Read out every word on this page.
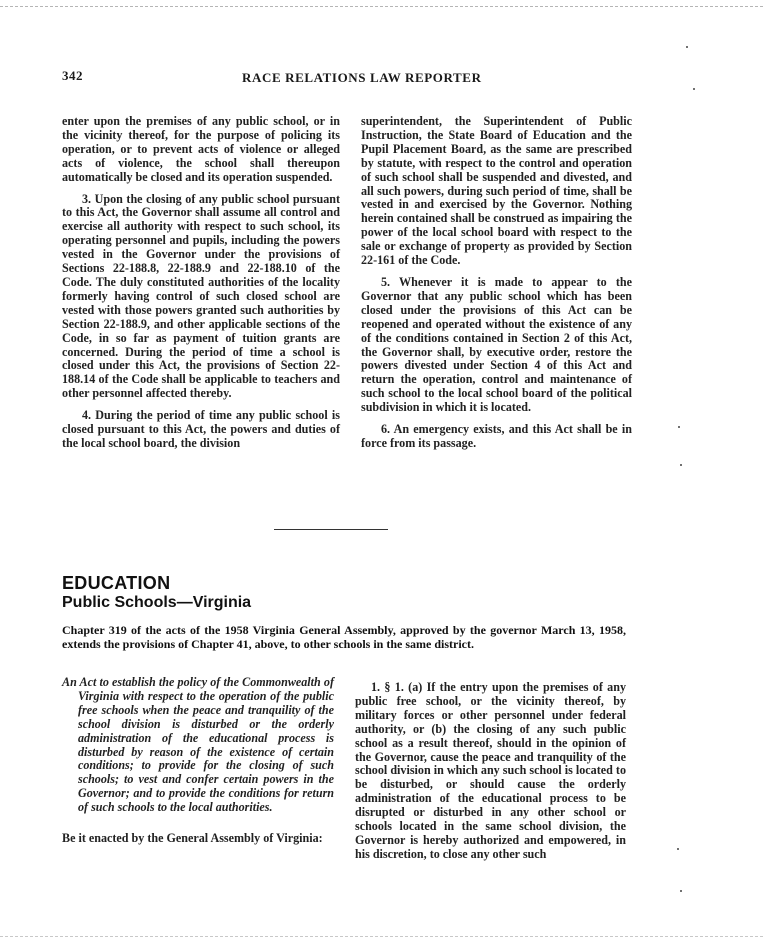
342	RACE RELATIONS LAW REPORTER

enter upon the premises of any public school, or in the vicinity thereof, for the purpose of policing its operation, or to prevent acts of violence or alleged acts of violence, the school shall thereupon automatically be closed and its operation suspended.

3. Upon the closing of any public school pursuant to this Act, the Governor shall assume all control and exercise all authority with respect to such school, its operating personnel and pupils, including the powers vested in the Governor under the provisions of Sections 22-188.8, 22-188.9 and 22-188.10 of the Code. The duly constituted authorities of the locality formerly having control of such closed school are vested with those powers granted such authorities by Section 22-188.9, and other applicable sections of the Code, in so far as payment of tuition grants are concerned. During the period of time a school is closed under this Act, the provisions of Section 22-188.14 of the Code shall be applicable to teachers and other personnel affected thereby.

4. During the period of time any public school is closed pursuant to this Act, the powers and duties of the local school board, the division

superintendent, the Superintendent of Public Instruction, the State Board of Education and the Pupil Placement Board, as the same are prescribed by statute, with respect to the control and operation of such school shall be suspended and divested, and all such powers, during such period of time, shall be vested in and exercised by the Governor. Nothing herein contained shall be construed as impairing the power of the local school board with respect to the sale or exchange of property as provided by Section 22-161 of the Code.

5. Whenever it is made to appear to the Governor that any public school which has been closed under the provisions of this Act can be reopened and operated without the existence of any of the conditions contained in Section 2 of this Act, the Governor shall, by executive order, restore the powers divested under Section 4 of this Act and return the operation, control and maintenance of such school to the local school board of the political subdivision in which it is located.

6. An emergency exists, and this Act shall be in force from its passage.

EDUCATION
Public Schools—Virginia
Chapter 319 of the acts of the 1958 Virginia General Assembly, approved by the governor March 13, 1958, extends the provisions of Chapter 41, above, to other schools in the same district.
An Act to establish the policy of the Commonwealth of Virginia with respect to the operation of the public free schools when the peace and tranquility of the school division is disturbed or the orderly administration of the educational process is disturbed by reason of the existence of certain conditions; to provide for the closing of such schools; to vest and confer certain powers in the Governor; and to provide the conditions for return of such schools to the local authorities.
Be it enacted by the General Assembly of Virginia:

1. § 1. (a) If the entry upon the premises of any public free school, or the vicinity thereof, by military forces or other personnel under federal authority, or (b) the closing of any such public school as a result thereof, should in the opinion of the Governor, cause the peace and tranquility of the school division in which any such school is located to be disturbed, or should cause the orderly administration of the educational process to be disrupted or disturbed in any other school or schools located in the same school division, the Governor is hereby authorized and empowered, in his discretion, to close any other such
